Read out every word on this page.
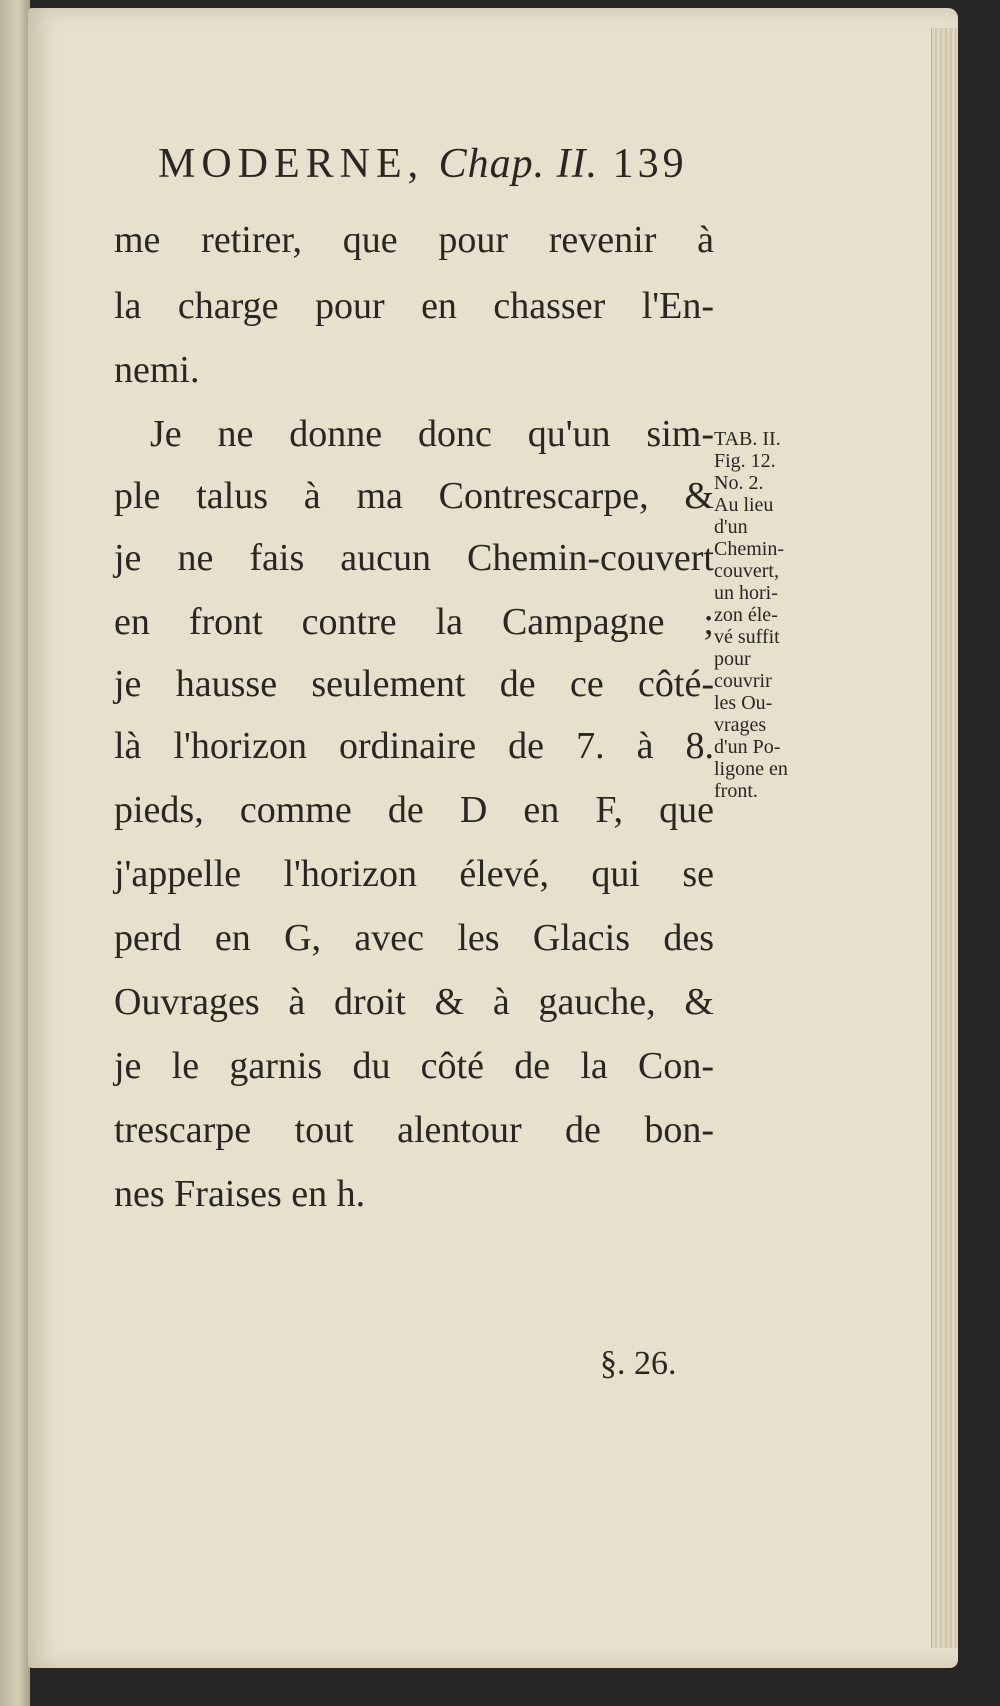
MODERNE, Chap. II. 139
me retirer, que pour revenir à
la charge pour en chasser l'En-
nemi.
Je ne donne donc qu'un sim-
ple talus à ma Contrescarpe, &
je ne fais aucun Chemin-couvert
en front contre la Campagne ;
je hausse seulement de ce côté-
là l'horizon ordinaire de 7. à 8.
pieds, comme de D en F, que
j'appelle l'horizon élevé, qui se
perd en G, avec les Glacis des
Ouvrages à droit & à gauche, &
je le garnis du côté de la Con-
trescarpe tout alentour de bon-
nes Fraises en h.
TAB. II.
Fig. 12.
No. 2.
Au lieu
d'un
Chemin-
couvert,
un hori-
zon éle-
vé suffit
pour
couvrir
les Ou-
vrages
d'un Po-
ligone en
front.
§. 26.
